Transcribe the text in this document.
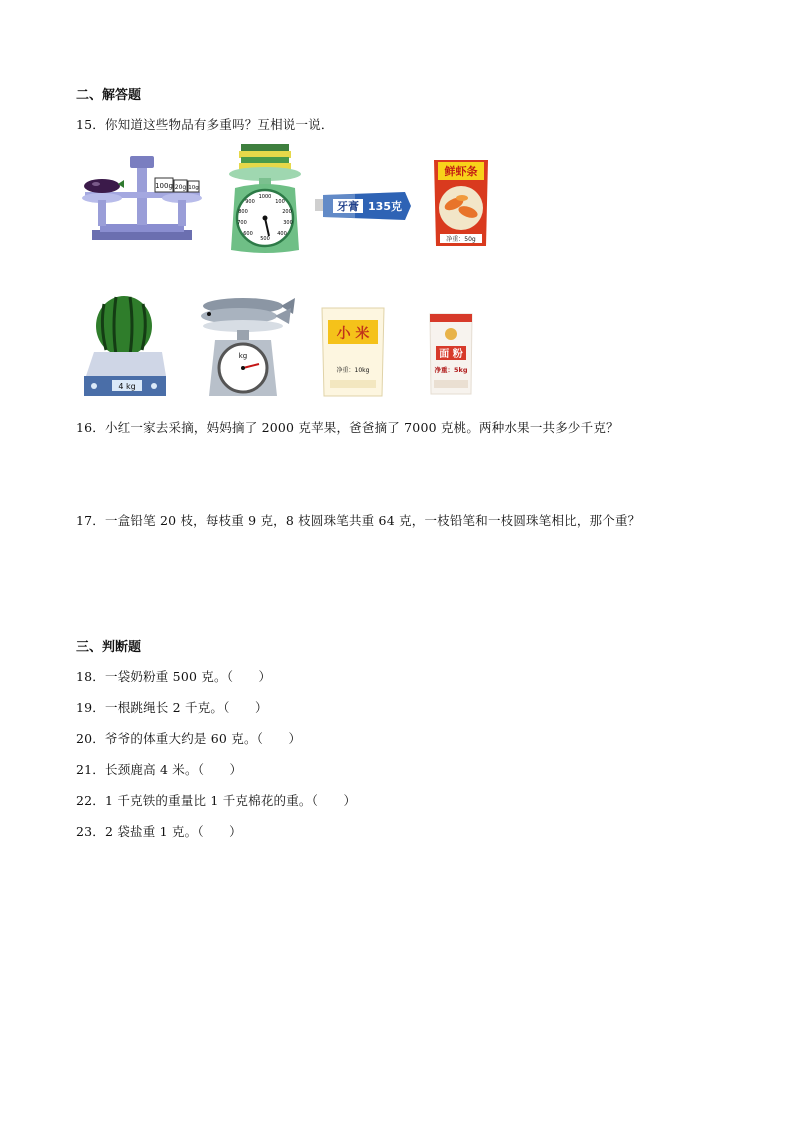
二、解答题
15．你知道这些物品有多重吗？互相说一说．
100g 20g 10g
1000
100
200
300
400
500
600
700
800
900	牙膏 135克
鲜虾条
净重：50g
4 kg
kg
小 米
净重：10kg
面 粉
净重：5kg
16．小红一家去采摘，妈妈摘了 2000 克苹果，爸爸摘了 7000 克桃。两种水果一共多少千克？
17．一盒铅笔 20 枝，每枝重 9 克，8 枝圆珠笔共重 64 克，一枝铅笔和一枝圆珠笔相比，那个重？
三、判断题
18．一袋奶粉重 500 克。（　　）
19．一根跳绳长 2 千克。（　　）
20．爷爷的体重大约是 60 克。（　　）
21．长颈鹿高 4 米。（　　）
22．1 千克铁的重量比 1 千克棉花的重。（　　）
23．2 袋盐重 1 克。（　　）
